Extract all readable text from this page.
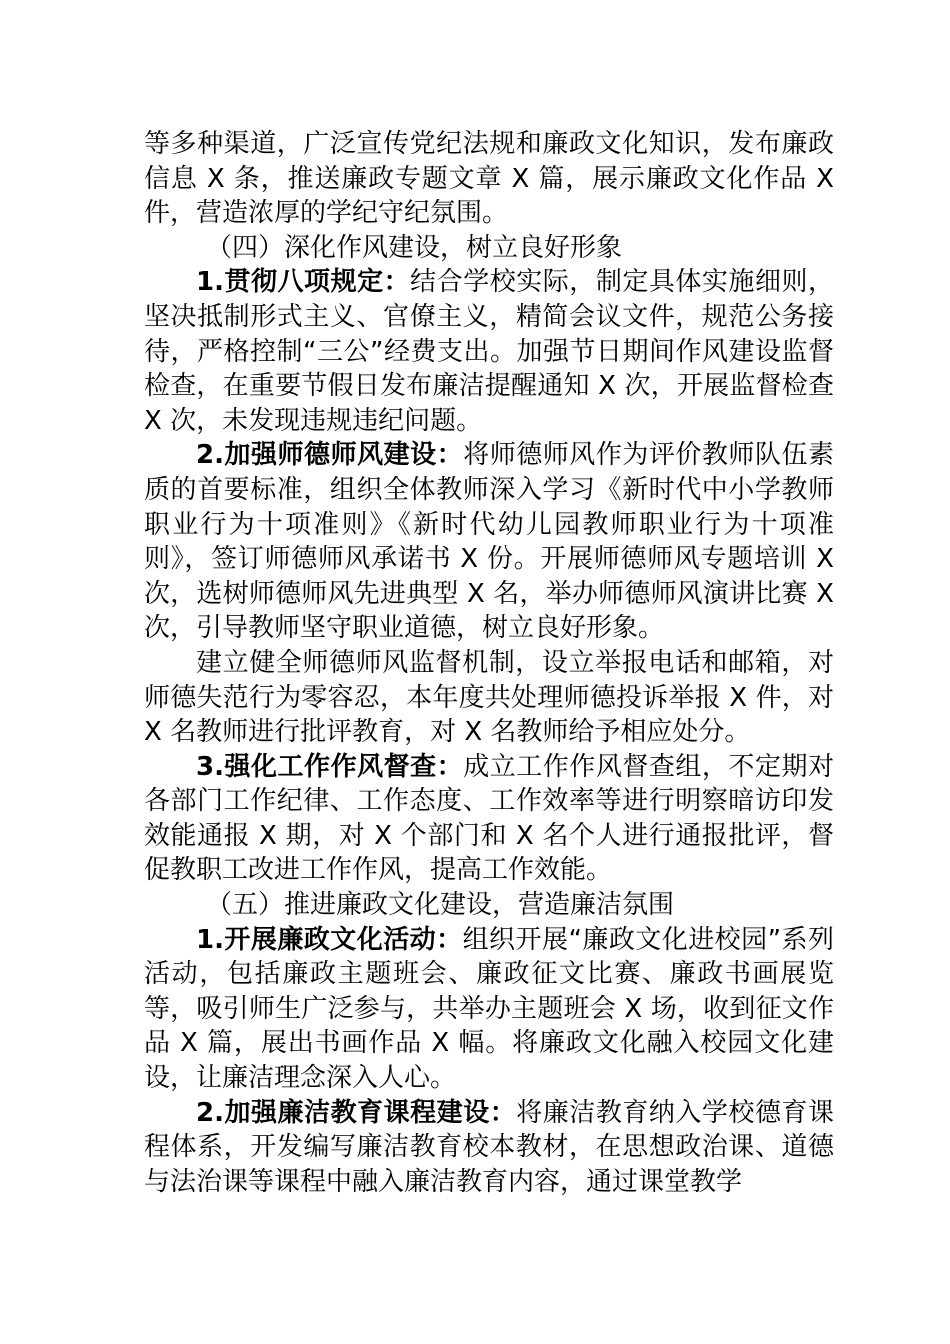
等多种渠道，广泛宣传党纪法规和廉政文化知识，发布廉政信息 X 条，推送廉政专题文章 X 篇，展示廉政文化作品 X 件，营造浓厚的学纪守纪氛围。

（四）深化作风建设，树立良好形象

1.贯彻八项规定：结合学校实际，制定具体实施细则，坚决抵制形式主义、官僚主义，精简会议文件，规范公务接待，严格控制“三公”经费支出。加强节日期间作风建设监督检查，在重要节假日发布廉洁提醒通知 X 次，开展监督检查 X 次，未发现违规违纪问题。

2.加强师德师风建设：将师德师风作为评价教师队伍素质的首要标准，组织全体教师深入学习《新时代中小学教师职业行为十项准则》《新时代幼儿园教师职业行为十项准则》，签订师德师风承诺书 X 份。开展师德师风专题培训 X 次，选树师德师风先进典型 X 名，举办师德师风演讲比赛 X 次，引导教师坚守职业道德，树立良好形象。

建立健全师德师风监督机制，设立举报电话和邮箱，对师德失范行为零容忍，本年度共处理师德投诉举报 X 件，对 X 名教师进行批评教育，对 X 名教师给予相应处分。

3.强化工作作风督查：成立工作作风督查组，不定期对各部门工作纪律、工作态度、工作效率等进行明察暗访印发效能通报 X 期，对 X 个部门和 X 名个人进行通报批评，督促教职工改进工作作风，提高工作效能。

（五）推进廉政文化建设，营造廉洁氛围

1.开展廉政文化活动：组织开展“廉政文化进校园”系列活动，包括廉政主题班会、廉政征文比赛、廉政书画展览等，吸引师生广泛参与，共举办主题班会 X 场，收到征文作品 X 篇，展出书画作品 X 幅。将廉政文化融入校园文化建设，让廉洁理念深入人心。

2.加强廉洁教育课程建设：将廉洁教育纳入学校德育课程体系，开发编写廉洁教育校本教材，在思想政治课、道德与法治课等课程中融入廉洁教育内容，通过课堂教学
